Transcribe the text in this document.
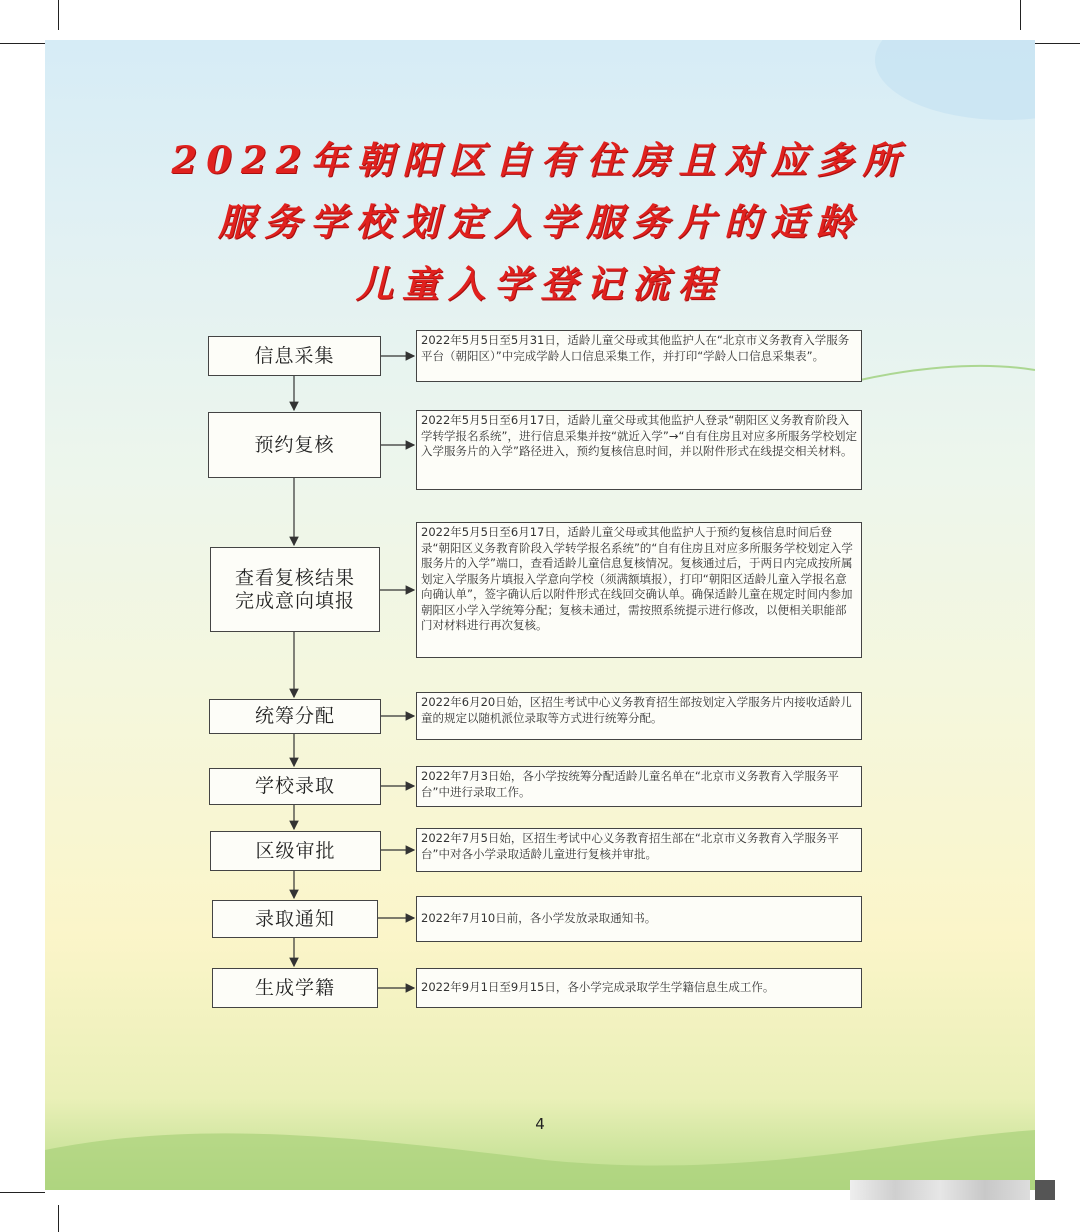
2022年朝阳区自有住房且对应多所
服务学校划定入学服务片的适龄
儿童入学登记流程
信息采集
预约复核
查看复核结果
完成意向填报
统筹分配
学校录取
区级审批
录取通知
生成学籍
2022年5月5日至5月31日，适龄儿童父母或其他监护人在“北京市义务教育入学服务平台（朝阳区）”中完成学龄人口信息采集工作，并打印“学龄人口信息采集表”。
2022年5月5日至6月17日，适龄儿童父母或其他监护人登录“朝阳区义务教育阶段入学转学报名系统”，进行信息采集并按“就近入学”→“自有住房且对应多所服务学校划定入学服务片的入学”路径进入，预约复核信息时间，并以附件形式在线提交相关材料。
2022年5月5日至6月17日，适龄儿童父母或其他监护人于预约复核信息时间后登录“朝阳区义务教育阶段入学转学报名系统”的“自有住房且对应多所服务学校划定入学服务片的入学”端口，查看适龄儿童信息复核情况。复核通过后，于两日内完成按所属划定入学服务片填报入学意向学校（须满额填报），打印“朝阳区适龄儿童入学报名意向确认单”，签字确认后以附件形式在线回交确认单。确保适龄儿童在规定时间内参加朝阳区小学入学统筹分配；复核未通过，需按照系统提示进行修改，以便相关职能部门对材料进行再次复核。
2022年6月20日始，区招生考试中心义务教育招生部按划定入学服务片内接收适龄儿童的规定以随机派位录取等方式进行统筹分配。
2022年7月3日始，各小学按统筹分配适龄儿童名单在“北京市义务教育入学服务平台”中进行录取工作。
2022年7月5日始，区招生考试中心义务教育招生部在“北京市义务教育入学服务平台”中对各小学录取适龄儿童进行复核并审批。
2022年7月10日前，各小学发放录取通知书。
2022年9月1日至9月15日，各小学完成录取学生学籍信息生成工作。
4
